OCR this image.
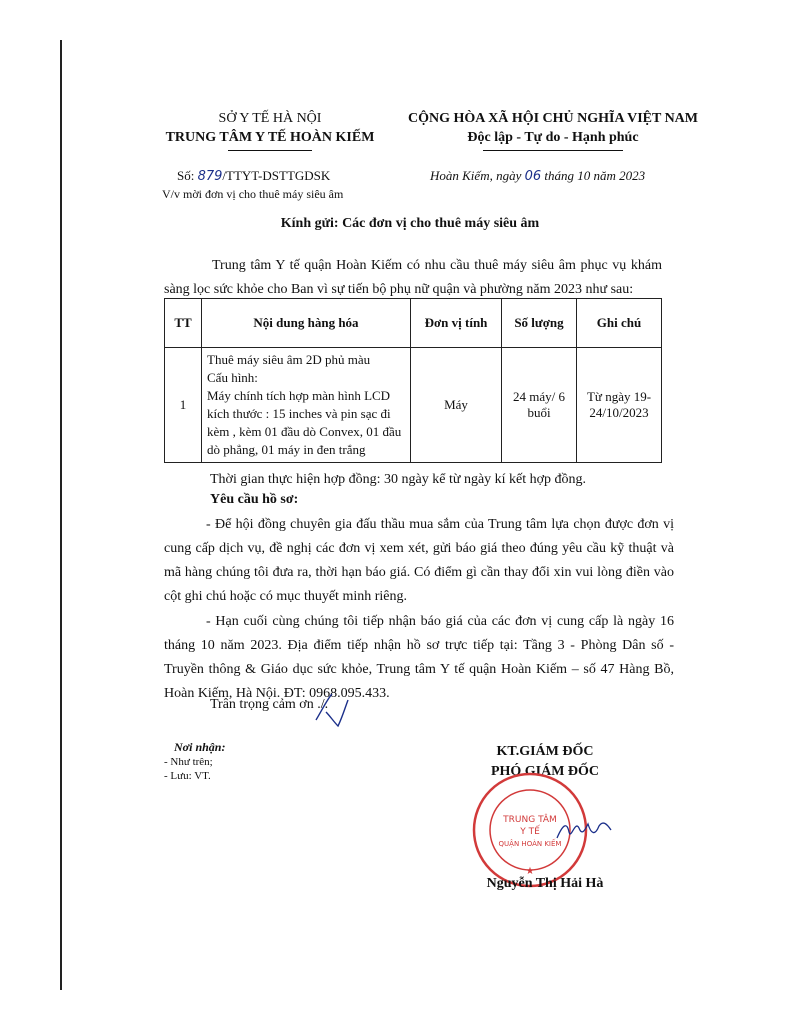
SỞ Y TẾ HÀ NỘI
TRUNG TÂM Y TẾ HOÀN KIẾM
Số: 879/TTYT-DSTTGDSK
V/v mời đơn vị cho thuê máy siêu âm
CỘNG HÒA XÃ HỘI CHỦ NGHĨA VIỆT NAM
Độc lập - Tự do - Hạnh phúc
Hoàn Kiếm, ngày 06 tháng 10 năm 2023
Kính gửi: Các đơn vị cho thuê máy siêu âm
Trung tâm Y tế quận Hoàn Kiếm có nhu cầu thuê máy siêu âm phục vụ khám sàng lọc sức khỏe cho Ban vì sự tiến bộ phụ nữ quận và phường năm 2023 như sau:
TT	Nội dung hàng hóa	Đơn vị tính	Số lượng	Ghi chú
1	Thuê máy siêu âm 2D phủ màu
Cấu hình:
Máy chính tích hợp màn hình LCD kích thước : 15 inches và pin sạc đi kèm , kèm 01 đầu dò Convex, 01 đầu dò phẳng, 01 máy in đen trắng	Máy	24 máy/ 6 buổi	Từ ngày 19-24/10/2023
Thời gian thực hiện hợp đồng: 30 ngày kể từ ngày kí kết hợp đồng.
Yêu cầu hồ sơ:
- Để hội đồng chuyên gia đấu thầu mua sắm của Trung tâm lựa chọn được đơn vị cung cấp dịch vụ, đề nghị các đơn vị xem xét, gửi báo giá theo đúng yêu cầu kỹ thuật và mã hàng chúng tôi đưa ra, thời hạn báo giá. Có điểm gì cần thay đổi xin vui lòng điền vào cột ghi chú hoặc có mục thuyết minh riêng.
- Hạn cuối cùng chúng tôi tiếp nhận báo giá của các đơn vị cung cấp là ngày 16 tháng 10 năm 2023. Địa điểm tiếp nhận hồ sơ trực tiếp tại: Tầng 3 - Phòng Dân số - Truyền thông & Giáo dục sức khỏe, Trung tâm Y tế quận Hoàn Kiếm – số 47 Hàng Bồ, Hoàn Kiếm, Hà Nội. ĐT: 0968.095.433.
Trân trọng cảm ơn ./.
Nơi nhận:
- Như trên;
- Lưu: VT.
KT.GIÁM ĐỐC
PHÓ GIÁM ĐỐC
TRUNG TÂM
Y TẾ
QUẬN HOÀN KIẾM
★
Nguyễn Thị Hải Hà
